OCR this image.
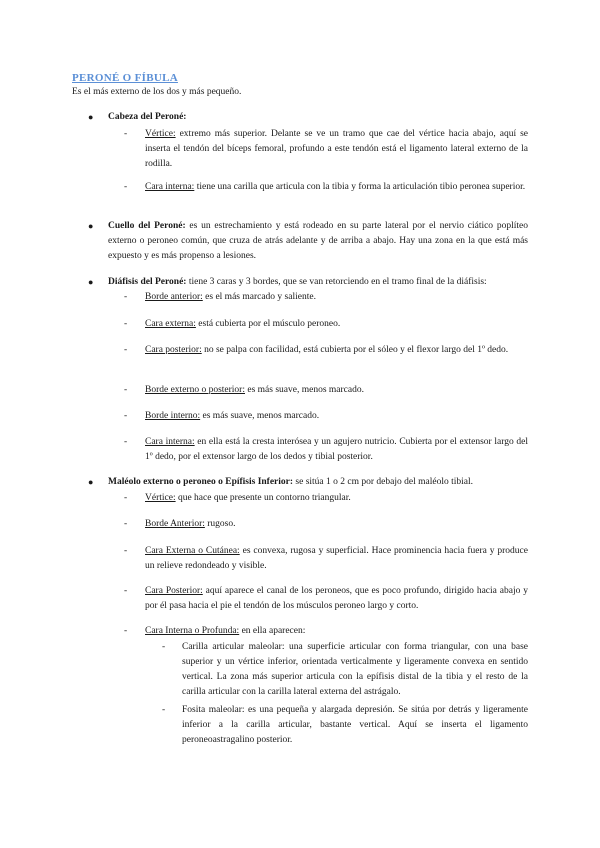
PERONÉ O FÍBULA
Es el más externo de los dos y más pequeño.
● Cabeza del Peroné:
- Vértice: extremo más superior. Delante se ve un tramo que cae del vértice hacia abajo, aquí se inserta el tendón del bíceps femoral, profundo a este tendón está el ligamento lateral externo de la rodilla.
- Cara interna: tiene una carilla que articula con la tibia y forma la articulación tibio peronea superior.
● Cuello del Peroné: es un estrechamiento y está rodeado en su parte lateral por el nervio ciático poplíteo externo o peroneo común, que cruza de atrás adelante y de arriba a abajo. Hay una zona en la que está más expuesto y es más propenso a lesiones.
● Diáfisis del Peroné: tiene 3 caras y 3 bordes, que se van retorciendo en el tramo final de la diáfisis:
- Borde anterior: es el más marcado y saliente.
- Cara externa: está cubierta por el músculo peroneo.
- Cara posterior: no se palpa con facilidad, está cubierta por el sóleo y el flexor largo del 1º dedo.
- Borde externo o posterior: es más suave, menos marcado.
- Borde interno: es más suave, menos marcado.
- Cara interna: en ella está la cresta interósea y un agujero nutricio. Cubierta por el extensor largo del 1º dedo, por el extensor largo de los dedos y tibial posterior.
● Maléolo externo o peroneo o Epífisis Inferior: se sitúa 1 o 2 cm por debajo del maléolo tibial.
- Vértice: que hace que presente un contorno triangular.
- Borde Anterior: rugoso.
- Cara Externa o Cutánea: es convexa, rugosa y superficial. Hace prominencia hacia fuera y produce un relieve redondeado y visible.
- Cara Posterior: aquí aparece el canal de los peroneos, que es poco profundo, dirigido hacia abajo y por él pasa hacia el pie el tendón de los músculos peroneo largo y corto.
- Cara Interna o Profunda: en ella aparecen:
- Carilla articular maleolar: una superficie articular con forma triangular, con una base superior y un vértice inferior, orientada verticalmente y ligeramente convexa en sentido vertical. La zona más superior articula con la epífisis distal de la tibia y el resto de la carilla articular con la carilla lateral externa del astrágalo.
- Fosita maleolar: es una pequeña y alargada depresión. Se sitúa por detrás y ligeramente inferior a la carilla articular, bastante vertical. Aquí se inserta el ligamento peroneoastragalino posterior.
